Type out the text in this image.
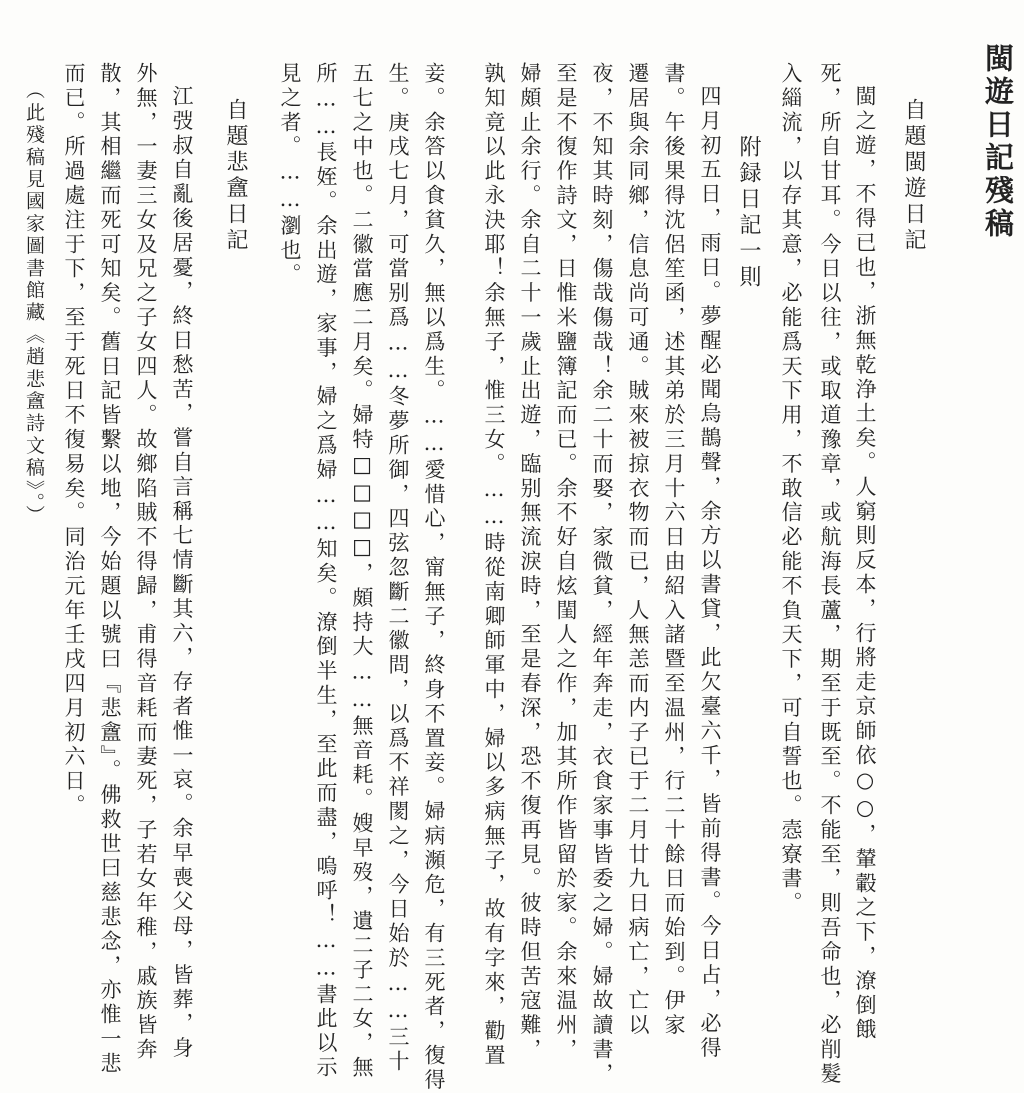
閩遊日記殘稿
自題閩遊日記
閩之遊，不得已也，浙無乾浄土矣。人窮則反本，行將走京師依○○，輦轂之下，潦倒餓
死，所自甘耳。今日以往，或取道豫章，或航海長蘆，期至于既至。不能至，則吾命也，必削髮
入緇流，以存其意，必能爲天下用，不敢信必能不負天下，可自誓也。悫寮書。
附録日記一則
四月初五日，雨日。夢醒必聞烏鵲聲，余方以書貸，此欠臺六千，皆前得書。今日占，必得
書。午後果得沈侶笙函，述其弟於三月十六日由紹入諸暨至温州，行二十餘日而始到。伊家
遷居與余同鄉，信息尚可通。賊來被掠衣物而已，人無恙而内子已于二月廿九日病亡，亡以
夜，不知其時刻，傷哉傷哉！余二十而娶，家微貧，經年奔走，衣食家事皆委之婦。婦故讀書，
至是不復作詩文，日惟米鹽簿記而已。余不好自炫閨人之作，加其所作皆留於家。余來温州，
婦頗止余行。余自二十一歲止出遊，臨别無流淚時，至是春深，恐不復再見。彼時但苦寇難，
孰知竟以此永決耶！余無子，惟三女。……時從南卿師軍中，婦以多病無子，故有字來，勸置
妾。余答以食貧久，無以爲生。……愛惜心，甯無子，終身不置妾。婦病瀕危，有三死者，復得
生。庚戌七月，可當别爲……冬夢所御，四弦忽斷二徽問，以爲不祥閡之，今日始於……三十
五七之中也。二徽當應二月矣。婦特□□□□，頗持大……無音耗。嫂早歿，遺二子二女，無
所……長姪。余出遊，家事，婦之爲婦……知矣。潦倒半生，至此而盡，嗚呼！……書此以示
見之者。……瀏也。
自題悲盦日記
江弢叔自亂後居憂，終日愁苦，嘗自言稱七情斷其六，存者惟一哀。余早喪父母，皆葬，身
外無，一妻三女及兄之子女四人。故鄉陷賊不得歸，甫得音耗而妻死，子若女年稚，戚族皆奔
散，其相繼而死可知矣。舊日記皆繫以地，今始題以號曰『悲盦』。佛救世曰慈悲念，亦惟一悲
而已。所過處注于下，至于死日不復易矣。同治元年壬戌四月初六日。
（此殘稿見國家圖書館藏《趙悲盦詩文稿》。）
